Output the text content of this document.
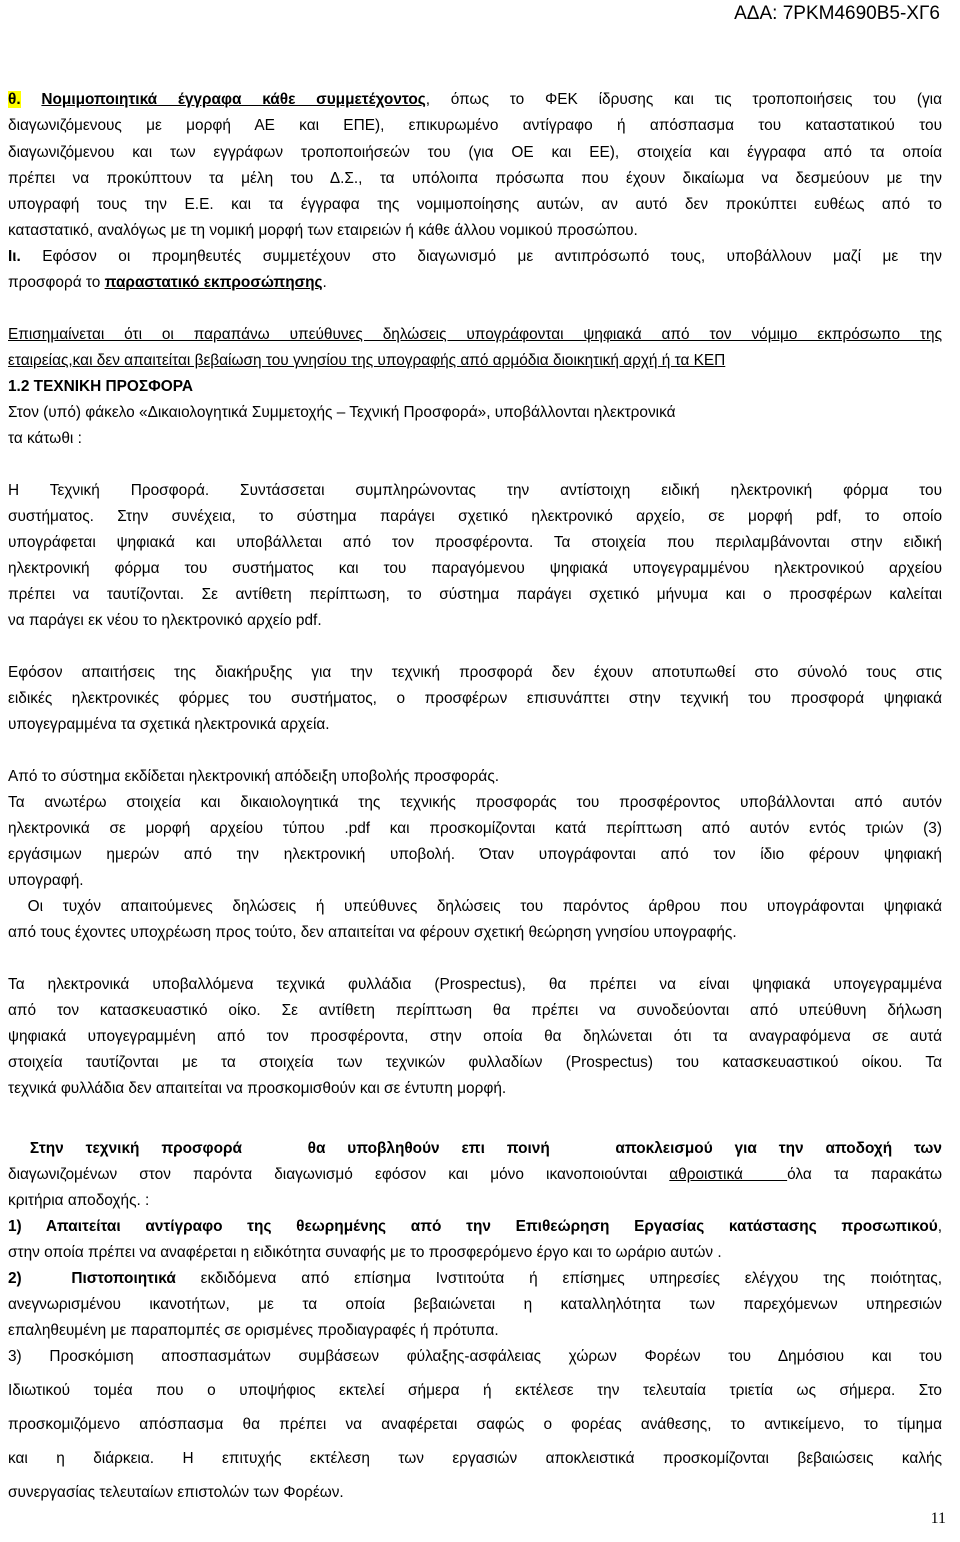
ΑΔΑ: 7ΡΚΜ4690Β5-ΧΓ6
θ. Νομιμοποιητικά έγγραφα κάθε συμμετέχοντος, όπως το ΦΕΚ ίδρυσης και τις τροποποιήσεις του (για
διαγωνιζόμενους με μορφή ΑΕ και ΕΠΕ), επικυρωμένο αντίγραφο ή απόσπασμα του καταστατικού του
διαγωνιζόμενου και των εγγράφων τροποποιήσεών του (για ΟΕ και ΕΕ), στοιχεία και έγγραφα από τα οποία
πρέπει να προκύπτουν τα μέλη του Δ.Σ., τα υπόλοιπα πρόσωπα που έχουν δικαίωμα να δεσμεύουν με την
υπογραφή τους την Ε.Ε. και τα έγγραφα της νομιμοποίησης αυτών, αν αυτό δεν προκύπτει ευθέως από το
καταστατικό, αναλόγως με τη νομική μορφή των εταιρειών ή κάθε άλλου νομικού προσώπου.
Ιι. Εφόσον οι προμηθευτές συμμετέχουν στο διαγωνισμό με αντιπρόσωπό τους, υποβάλλουν μαζί με την
προσφορά το παραστατικό εκπροσώπησης.
Επισημαίνεται ότι οι παραπάνω υπεύθυνες δηλώσεις υπογράφονται ψηφιακά από τον νόμιμο εκπρόσωπο της
εταιρείας,και δεν απαιτείται βεβαίωση του γνησίου της υπογραφής από αρμόδια διοικητική αρχή ή τα ΚΕΠ
1.2 ΤΕΧΝΙΚΗ ΠΡΟΣΦΟΡΑ
Στον (υπό) φάκελο «Δικαιολογητικά Συμμετοχής – Τεχνική Προσφορά», υποβάλλονται ηλεκτρονικά
τα κάτωθι :
Η Τεχνική Προσφορά. Συντάσσεται συμπληρώνοντας την αντίστοιχη ειδική ηλεκτρονική φόρμα του
συστήματος. Στην συνέχεια, το σύστημα παράγει σχετικό ηλεκτρονικό αρχείο, σε μορφή pdf, το οποίο
υπογράφεται ψηφιακά και υποβάλλεται από τον προσφέροντα. Τα στοιχεία που περιλαμβάνονται στην ειδική
ηλεκτρονική φόρμα του συστήματος και του παραγόμενου ψηφιακά υπογεγραμμένου ηλεκτρονικού αρχείου
πρέπει να ταυτίζονται. Σε αντίθετη περίπτωση, το σύστημα παράγει σχετικό μήνυμα και ο προσφέρων καλείται
να παράγει εκ νέου το ηλεκτρονικό αρχείο pdf.
Εφόσον απαιτήσεις της διακήρυξης για την τεχνική προσφορά δεν έχουν αποτυπωθεί στο σύνολό τους στις
ειδικές ηλεκτρονικές φόρμες του συστήματος, ο προσφέρων επισυνάπτει στην τεχνική του προσφορά ψηφιακά
υπογεγραμμένα τα σχετικά ηλεκτρονικά αρχεία.
Από το σύστημα εκδίδεται ηλεκτρονική απόδειξη υποβολής προσφοράς.
Τα ανωτέρω στοιχεία και δικαιολογητικά της τεχνικής προσφοράς του προσφέροντος υποβάλλονται από αυτόν
ηλεκτρονικά σε μορφή αρχείου τύπου .pdf και προσκομίζονται κατά περίπτωση από αυτόν εντός τριών (3)
εργάσιμων ημερών από την ηλεκτρονική υποβολή. Όταν υπογράφονται από τον ίδιο φέρουν ψηφιακή
υπογραφή.
Οι τυχόν απαιτούμενες δηλώσεις ή υπεύθυνες δηλώσεις του παρόντος άρθρου που υπογράφονται ψηφιακά
από τους έχοντες υποχρέωση προς τούτο, δεν απαιτείται να φέρουν σχετική θεώρηση γνησίου υπογραφής.
Τα ηλεκτρονικά υποβαλλόμενα τεχνικά φυλλάδια (Prospectus), θα πρέπει να είναι ψηφιακά υπογεγραμμένα
από τον κατασκευαστικό οίκο. Σε αντίθετη περίπτωση θα πρέπει να συνοδεύονται από υπεύθυνη δήλωση
ψηφιακά υπογεγραμμένη από τον προσφέροντα, στην οποία θα δηλώνεται ότι τα αναγραφόμενα σε αυτά
στοιχεία ταυτίζονται με τα στοιχεία των τεχνικών φυλλαδίων (Prospectus) του κατασκευαστικού οίκου. Τα
τεχνικά φυλλάδια δεν απαιτείται να προσκομισθούν και σε έντυπη μορφή.
Στην τεχνική προσφορά   θα υποβληθούν επι ποινή   αποκλεισμού για την αποδοχή των
διαγωνιζομένων στον παρόντα διαγωνισμό εφόσον και μόνο ικανοποιούνται αθροιστικά  όλα τα παρακάτω
κριτήρια αποδοχής. :
1) Απαιτείται αντίγραφο της θεωρημένης από την Επιθεώρηση Εργασίας κατάστασης προσωπικού,
στην οποία πρέπει να αναφέρεται η ειδικότητα συναφής με το προσφερόμενο έργο και το ωράριο αυτών .
2)  Πιστοποιητικά εκδιδόμενα από επίσημα Ινστιτούτα ή επίσημες υπηρεσίες ελέγχου της ποιότητας,
ανεγνωρισμένου ικανοτήτων, με τα οποία βεβαιώνεται η καταλληλότητα των παρεχόμενων υπηρεσιών
επαληθευμένη με παραπομπές σε ορισμένες προδιαγραφές ή πρότυπα.
3) Προσκόμιση αποσπασμάτων συμβάσεων φύλαξης-ασφάλειας χώρων Φορέων του Δημόσιου και του
Ιδιωτικού τομέα που ο υποψήφιος εκτελεί σήμερα ή εκτέλεσε την τελευταία τριετία ως σήμερα. Στο
προσκομιζόμενο απόσπασμα θα πρέπει να αναφέρεται σαφώς ο φορέας ανάθεσης, το αντικείμενο, το τίμημα
και η διάρκεια. Η επιτυχής εκτέλεση των εργασιών αποκλειστικά προσκομίζονται βεβαιώσεις καλής
συνεργασίας τελευταίων επιστολών των Φορέων.
11
